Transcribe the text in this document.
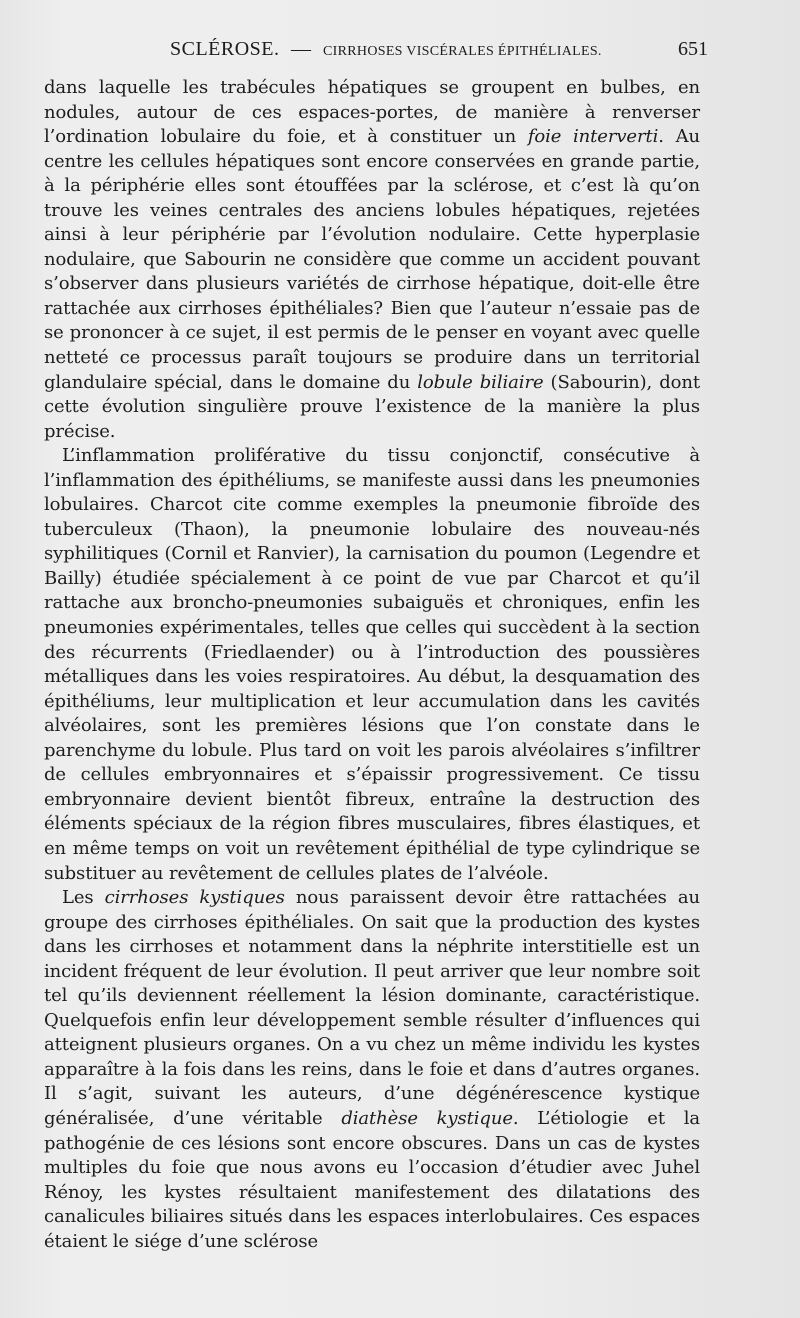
SCLÉROSE. — CIRRHOSES VISCÉRALES ÉPITHÉLIALES.	651

dans laquelle les trabécules hépatiques se groupent en bulbes, en nodules, autour de ces espaces-portes, de manière à renverser l’ordination lobulaire du foie, et à constituer un foie interverti. Au centre les cellules hépatiques sont encore conservées en grande partie, à la périphérie elles sont étouffées par la sclérose, et c’est là qu’on trouve les veines centrales des anciens lobules hépatiques, rejetées ainsi à leur périphérie par l’évolution nodulaire. Cette hyperplasie nodulaire, que Sabourin ne considère que comme un accident pouvant s’observer dans plusieurs variétés de cirrhose hépatique, doit-elle être rattachée aux cirrhoses épithéliales? Bien que l’auteur n’essaie pas de se prononcer à ce sujet, il est permis de le penser en voyant avec quelle netteté ce processus paraît toujours se produire dans un territorial glandulaire spécial, dans le domaine du lobule biliaire (Sabourin), dont cette évolution singulière prouve l’existence de la manière la plus précise.

L’inflammation proliférative du tissu conjonctif, consécutive à l’inflammation des épithéliums, se manifeste aussi dans les pneumonies lobulaires. Charcot cite comme exemples la pneumonie fibroïde des tuberculeux (Thaon), la pneumonie lobulaire des nouveau-nés syphilitiques (Cornil et Ranvier), la carnisation du poumon (Legendre et Bailly) étudiée spécialement à ce point de vue par Charcot et qu’il rattache aux broncho-pneumonies subaiguës et chroniques, enfin les pneumonies expérimentales, telles que celles qui succèdent à la section des récurrents (Friedlaender) ou à l’introduction des poussières métalliques dans les voies respiratoires. Au début, la desquamation des épithéliums, leur multiplication et leur accumulation dans les cavités alvéolaires, sont les premières lésions que l’on constate dans le parenchyme du lobule. Plus tard on voit les parois alvéolaires s’infiltrer de cellules embryonnaires et s’épaissir progressivement. Ce tissu embryonnaire devient bientôt fibreux, entraîne la destruction des éléments spéciaux de la région fibres musculaires, fibres élastiques, et en même temps on voit un revêtement épithélial de type cylindrique se substituer au revêtement de cellules plates de l’alvéole.

Les cirrhoses kystiques nous paraissent devoir être rattachées au groupe des cirrhoses épithéliales. On sait que la production des kystes dans les cirrhoses et notamment dans la néphrite interstitielle est un incident fréquent de leur évolution. Il peut arriver que leur nombre soit tel qu’ils deviennent réellement la lésion dominante, caractéristique. Quelquefois enfin leur développement semble résulter d’influences qui atteignent plusieurs organes. On a vu chez un même individu les kystes apparaître à la fois dans les reins, dans le foie et dans d’autres organes. Il s’agit, suivant les auteurs, d’une dégénérescence kystique généralisée, d’une véritable diathèse kystique. L’étiologie et la pathogénie de ces lésions sont encore obscures. Dans un cas de kystes multiples du foie que nous avons eu l’occasion d’étudier avec Juhel Rénoy, les kystes résultaient manifestement des dilatations des canalicules biliaires situés dans les espaces interlobulaires. Ces espaces étaient le siége d’une sclérose
